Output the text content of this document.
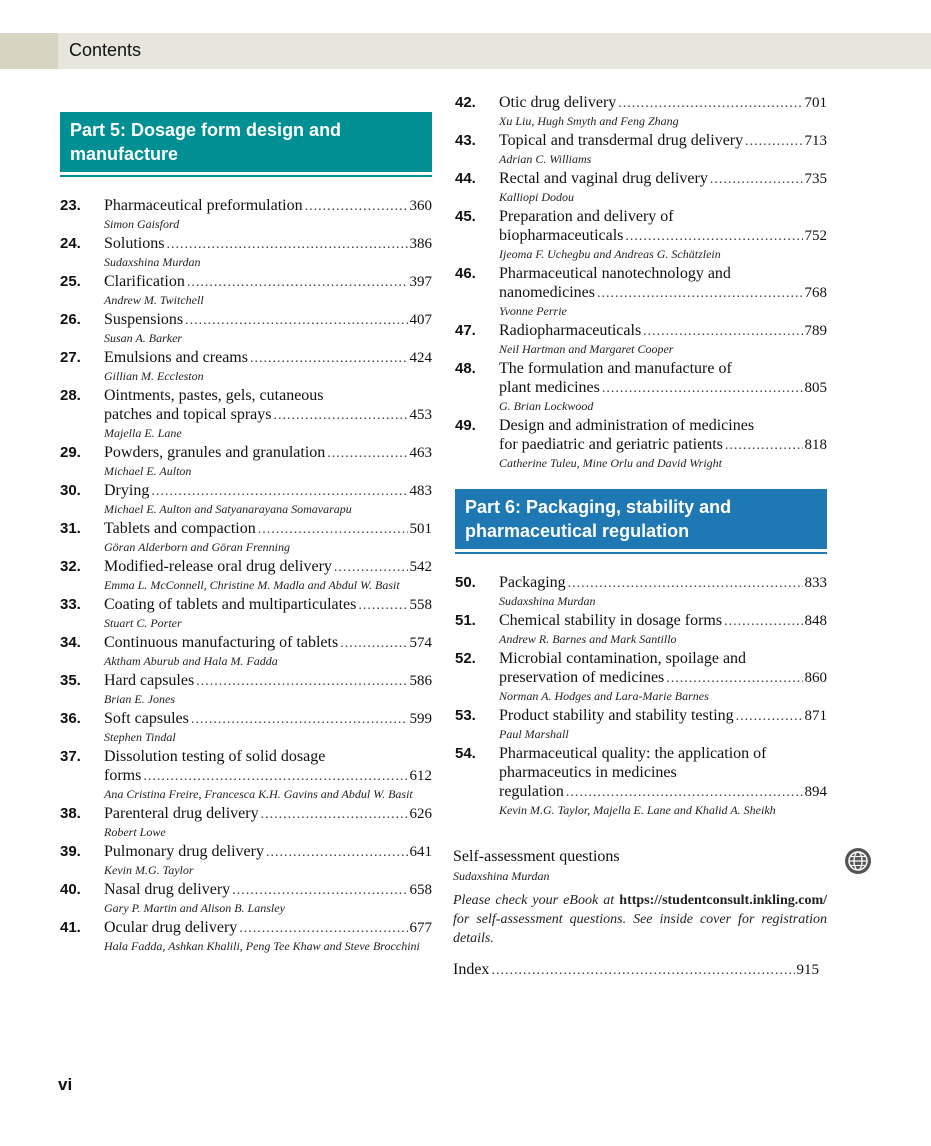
Contents
Part 5: Dosage form design and manufacture
23. Pharmaceutical preformulation .....	360
Simon Gaisford
24. Solutions .....	386
Sudaxshina Murdan
25. Clarification .....	397
Andrew M. Twitchell
26. Suspensions .....	407
Susan A. Barker
27. Emulsions and creams .....	424
Gillian M. Eccleston
28. Ointments, pastes, gels, cutaneous
patches and topical sprays .....	453
Majella E. Lane
29. Powders, granules and granulation .....	463
Michael E. Aulton
30. Drying .....	483
Michael E. Aulton and Satyanarayana Somavarapu
31. Tablets and compaction .....	501
Göran Alderborn and Göran Frenning
32. Modified-release oral drug delivery .....	542
Emma L. McConnell, Christine M. Madla and Abdul W. Basit
33. Coating of tablets and multiparticulates .....	558
Stuart C. Porter
34. Continuous manufacturing of tablets .....	574
Aktham Aburub and Hala M. Fadda
35. Hard capsules .....	586
Brian E. Jones
36. Soft capsules .....	599
Stephen Tindal
37. Dissolution testing of solid dosage
forms .....	612
Ana Cristina Freire, Francesca K.H. Gavins and Abdul W. Basit
38. Parenteral drug delivery .....	626
Robert Lowe
39. Pulmonary drug delivery .....	641
Kevin M.G. Taylor
40. Nasal drug delivery .....	658
Gary P. Martin and Alison B. Lansley
41. Ocular drug delivery .....	677
Hala Fadda, Ashkan Khalili, Peng Tee Khaw and Steve Brocchini
42. Otic drug delivery .....	701
Xu Liu, Hugh Smyth and Feng Zhang
43. Topical and transdermal drug delivery .....	713
Adrian C. Williams
44. Rectal and vaginal drug delivery .....	735
Kalliopi Dodou
45. Preparation and delivery of
biopharmaceuticals .....	752
Ijeoma F. Uchegbu and Andreas G. Schätzlein
46. Pharmaceutical nanotechnology and
nanomedicines .....	768
Yvonne Perrie
47. Radiopharmaceuticals .....	789
Neil Hartman and Margaret Cooper
48. The formulation and manufacture of
plant medicines .....	805
G. Brian Lockwood
49. Design and administration of medicines
for paediatric and geriatric patients .....	818
Catherine Tuleu, Mine Orlu and David Wright
Part 6: Packaging, stability and pharmaceutical regulation
50. Packaging .....	833
Sudaxshina Murdan
51. Chemical stability in dosage forms .....	848
Andrew R. Barnes and Mark Santillo
52. Microbial contamination, spoilage and
preservation of medicines .....	860
Norman A. Hodges and Lara-Marie Barnes
53. Product stability and stability testing .....	871
Paul Marshall
54. Pharmaceutical quality: the application of pharmaceutics in medicines
regulation .....	894
Kevin M.G. Taylor, Majella E. Lane and Khalid A. Sheikh
Self-assessment questions
Sudaxshina Murdan
Please check your eBook at https://studentconsult.inkling.com/ for self-assessment questions. See inside cover for registration details.
Index .....	915
vi
